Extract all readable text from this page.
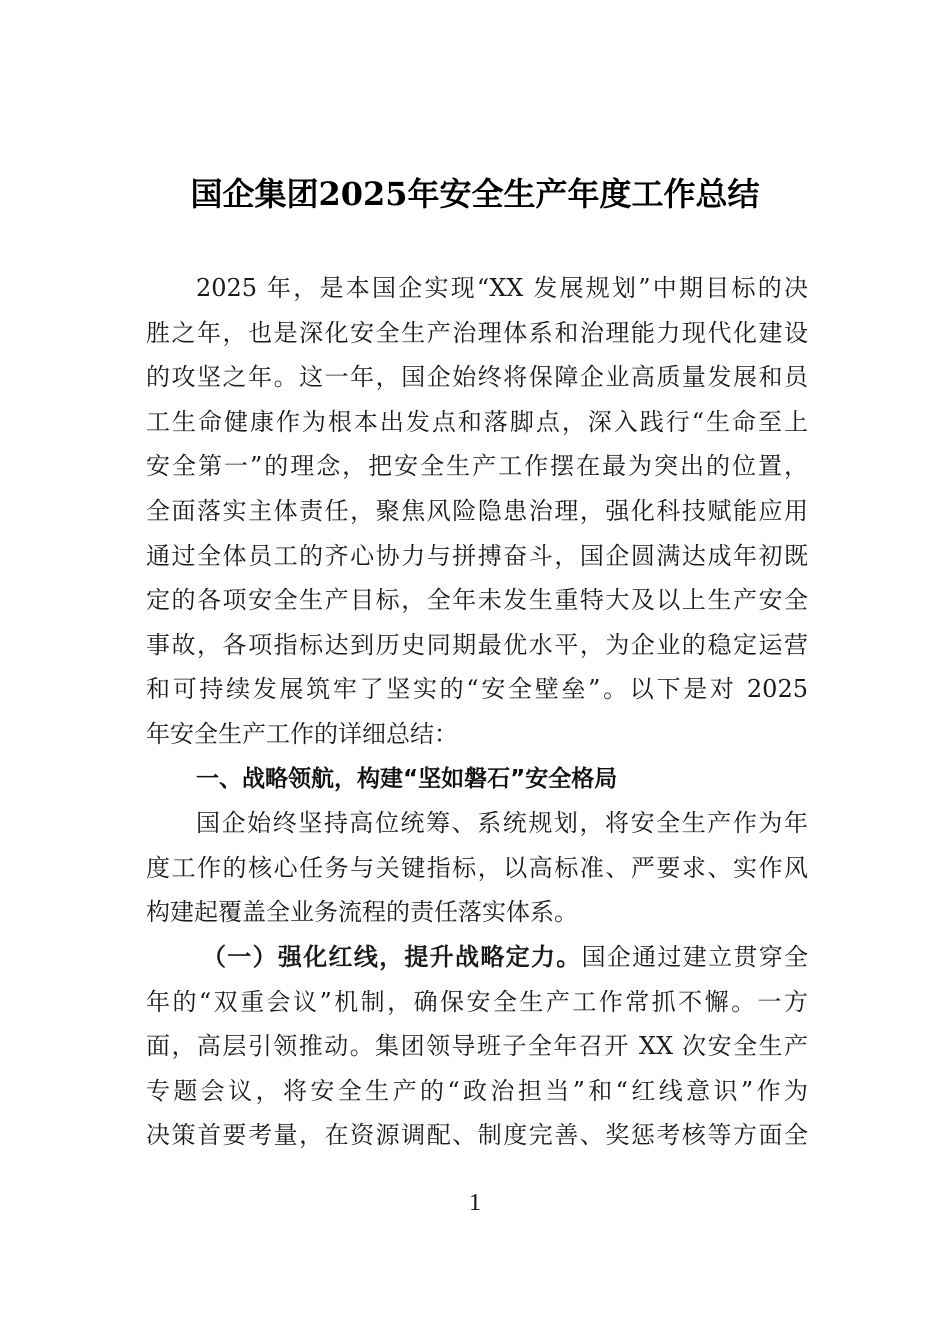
国企集团2025年安全生产年度工作总结
2025 年，是本国企实现“XX 发展规划”中期目标的决
胜之年，也是深化安全生产治理体系和治理能力现代化建设
的攻坚之年。这一年，国企始终将保障企业高质量发展和员
工生命健康作为根本出发点和落脚点，深入践行“生命至上
安全第一”的理念，把安全生产工作摆在最为突出的位置，
全面落实主体责任，聚焦风险隐患治理，强化科技赋能应用
通过全体员工的齐心协力与拼搏奋斗，国企圆满达成年初既
定的各项安全生产目标，全年未发生重特大及以上生产安全
事故，各项指标达到历史同期最优水平，为企业的稳定运营
和可持续发展筑牢了坚实的“安全壁垒”。以下是对 2025
年安全生产工作的详细总结：
一、战略领航，构建“坚如磐石”安全格局
国企始终坚持高位统筹、系统规划，将安全生产作为年
度工作的核心任务与关键指标，以高标准、严要求、实作风
构建起覆盖全业务流程的责任落实体系。
（一）强化红线，提升战略定力。国企通过建立贯穿全
年的“双重会议”机制，确保安全生产工作常抓不懈。一方
面，高层引领推动。集团领导班子全年召开 XX 次安全生产
专题会议，将安全生产的“政治担当”和“红线意识”作为
决策首要考量，在资源调配、制度完善、奖惩考核等方面全
1
